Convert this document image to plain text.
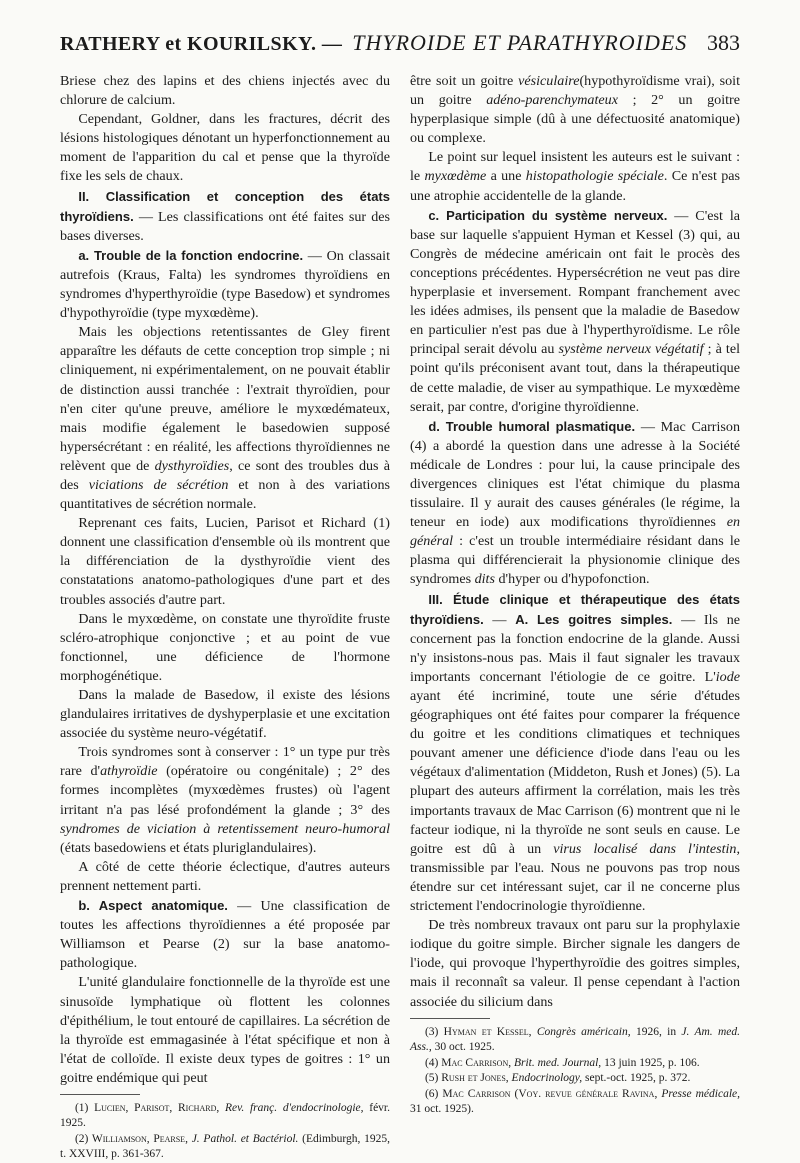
RATHERY et KOURILSKY. — THYROIDE ET PARATHYROIDES 383

Briese chez des lapins et des chiens injectés avec du chlorure de calcium.

Cependant, Goldner, dans les fractures, décrit des lésions histologiques dénotant un hyperfonctionnement au moment de l'apparition du cal et pense que la thyroïde fixe les sels de chaux.

II. Classification et conception des états thyroïdiens. — Les classifications ont été faites sur des bases diverses.

a. Trouble de la fonction endocrine. — On classait autrefois (Kraus, Falta) les syndromes thyroïdiens en syndromes d'hyperthyroïdie (type Basedow) et syndromes d'hypothyroïdie (type myxœdème).

Mais les objections retentissantes de Gley firent apparaître les défauts de cette conception trop simple ; ni cliniquement, ni expérimentalement, on ne pouvait établir de distinction aussi tranchée : l'extrait thyroïdien, pour n'en citer qu'une preuve, améliore le myxœdémateux, mais modifie également le basedowien supposé hypersécrétant : en réalité, les affections thyroïdiennes ne relèvent que de dysthyroïdies, ce sont des troubles dus à des viciations de sécrétion et non à des variations quantitatives de sécrétion normale.

Reprenant ces faits, Lucien, Parisot et Richard (1) donnent une classification d'ensemble où ils montrent que la différenciation de la dysthyroïdie vient des constatations anatomo-pathologiques d'une part et des troubles associés d'autre part.

Dans le myxœdème, on constate une thyroïdite fruste scléro-atrophique conjonctive ; et au point de vue fonctionnel, une déficience de l'hormone morphogénétique.

Dans la malade de Basedow, il existe des lésions glandulaires irritatives de dyshyperplasie et une excitation associée du système neuro-végétatif.

Trois syndromes sont à conserver : 1° un type pur très rare d'athyroïdie (opératoire ou congénitale) ; 2° des formes incomplètes (myxœdèmes frustes) où l'agent irritant n'a pas lésé profondément la glande ; 3° des syndromes de viciation à retentissement neuro-humoral (états basedowiens et états pluriglandulaires).

A côté de cette théorie éclectique, d'autres auteurs prennent nettement parti.

b. Aspect anatomique. — Une classification de toutes les affections thyroïdiennes a été proposée par Williamson et Pearse (2) sur la base anatomo-pathologique.

L'unité glandulaire fonctionnelle de la thyroïde est une sinusoïde lymphatique où flottent les colonnes d'épithélium, le tout entouré de capillaires. La sécrétion de la thyroïde est emmagasinée à l'état spécifique et non à l'état de colloïde. Il existe deux types de goitres : 1° un goitre endémique qui peut

(1) Lucien, Parisot, Richard, Rev. franç. d'endocrinologie, févr. 1925.

(2) Williamson, Pearse, J. Pathol. et Bactériol. (Edimburgh, 1925, t. XXVIII, p. 361-367.

être soit un goitre vésiculaire(hypothyroïdisme vrai), soit un goitre adéno-parenchymateux ; 2° un goitre hyperplasique simple (dû à une défectuosité anatomique) ou complexe.

Le point sur lequel insistent les auteurs est le suivant : le myxœdème a une histopathologie spéciale. Ce n'est pas une atrophie accidentelle de la glande.

c. Participation du système nerveux. — C'est la base sur laquelle s'appuient Hyman et Kessel (3) qui, au Congrès de médecine américain ont fait le procès des conceptions précédentes. Hypersécrétion ne veut pas dire hyperplasie et inversement. Rompant franchement avec les idées admises, ils pensent que la maladie de Basedow en particulier n'est pas due à l'hyperthyroïdisme. Le rôle principal serait dévolu au système nerveux végétatif ; à tel point qu'ils préconisent avant tout, dans la thérapeutique de cette maladie, de viser au sympathique. Le myxœdème serait, par contre, d'origine thyroïdienne.

d. Trouble humoral plasmatique. — Mac Carrison (4) a abordé la question dans une adresse à la Société médicale de Londres : pour lui, la cause principale des divergences cliniques est l'état chimique du plasma tissulaire. Il y aurait des causes générales (le régime, la teneur en iode) aux modifications thyroïdiennes en général : c'est un trouble intermédiaire résidant dans le plasma qui différencierait la physionomie clinique des syndromes dits d'hyper ou d'hypofonction.

III. Étude clinique et thérapeutique des états thyroïdiens. — A. Les goitres simples. — Ils ne concernent pas la fonction endocrine de la glande. Aussi n'y insistons-nous pas. Mais il faut signaler les travaux importants concernant l'étiologie de ce goitre. L'iode ayant été incriminé, toute une série d'études géographiques ont été faites pour comparer la fréquence du goitre et les conditions climatiques et techniques pouvant amener une déficience d'iode dans l'eau ou les végétaux d'alimentation (Middeton, Rush et Jones) (5). La plupart des auteurs affirment la corrélation, mais les très importants travaux de Mac Carrison (6) montrent que ni le facteur iodique, ni la thyroïde ne sont seuls en cause. Le goitre est dû à un virus localisé dans l'intestin, transmissible par l'eau. Nous ne pouvons pas trop nous étendre sur cet intéressant sujet, car il ne concerne plus strictement l'endocrinologie thyroïdienne.

De très nombreux travaux ont paru sur la prophylaxie iodique du goitre simple. Bircher signale les dangers de l'iode, qui provoque l'hyperthyroïdie des goitres simples, mais il reconnaît sa valeur. Il pense cependant à l'action associée du silicium dans

(3) Hyman et Kessel, Congrès américain, 1926, in J. Am. med. Ass., 30 oct. 1925.

(4) Mac Carrison, Brit. med. Journal, 13 juin 1925, p. 106.

(5) Rush et Jones, Endocrinology, sept.-oct. 1925, p. 372.

(6) Mac Carrison (Voy. revue générale Ravina, Presse médicale, 31 oct. 1925).
